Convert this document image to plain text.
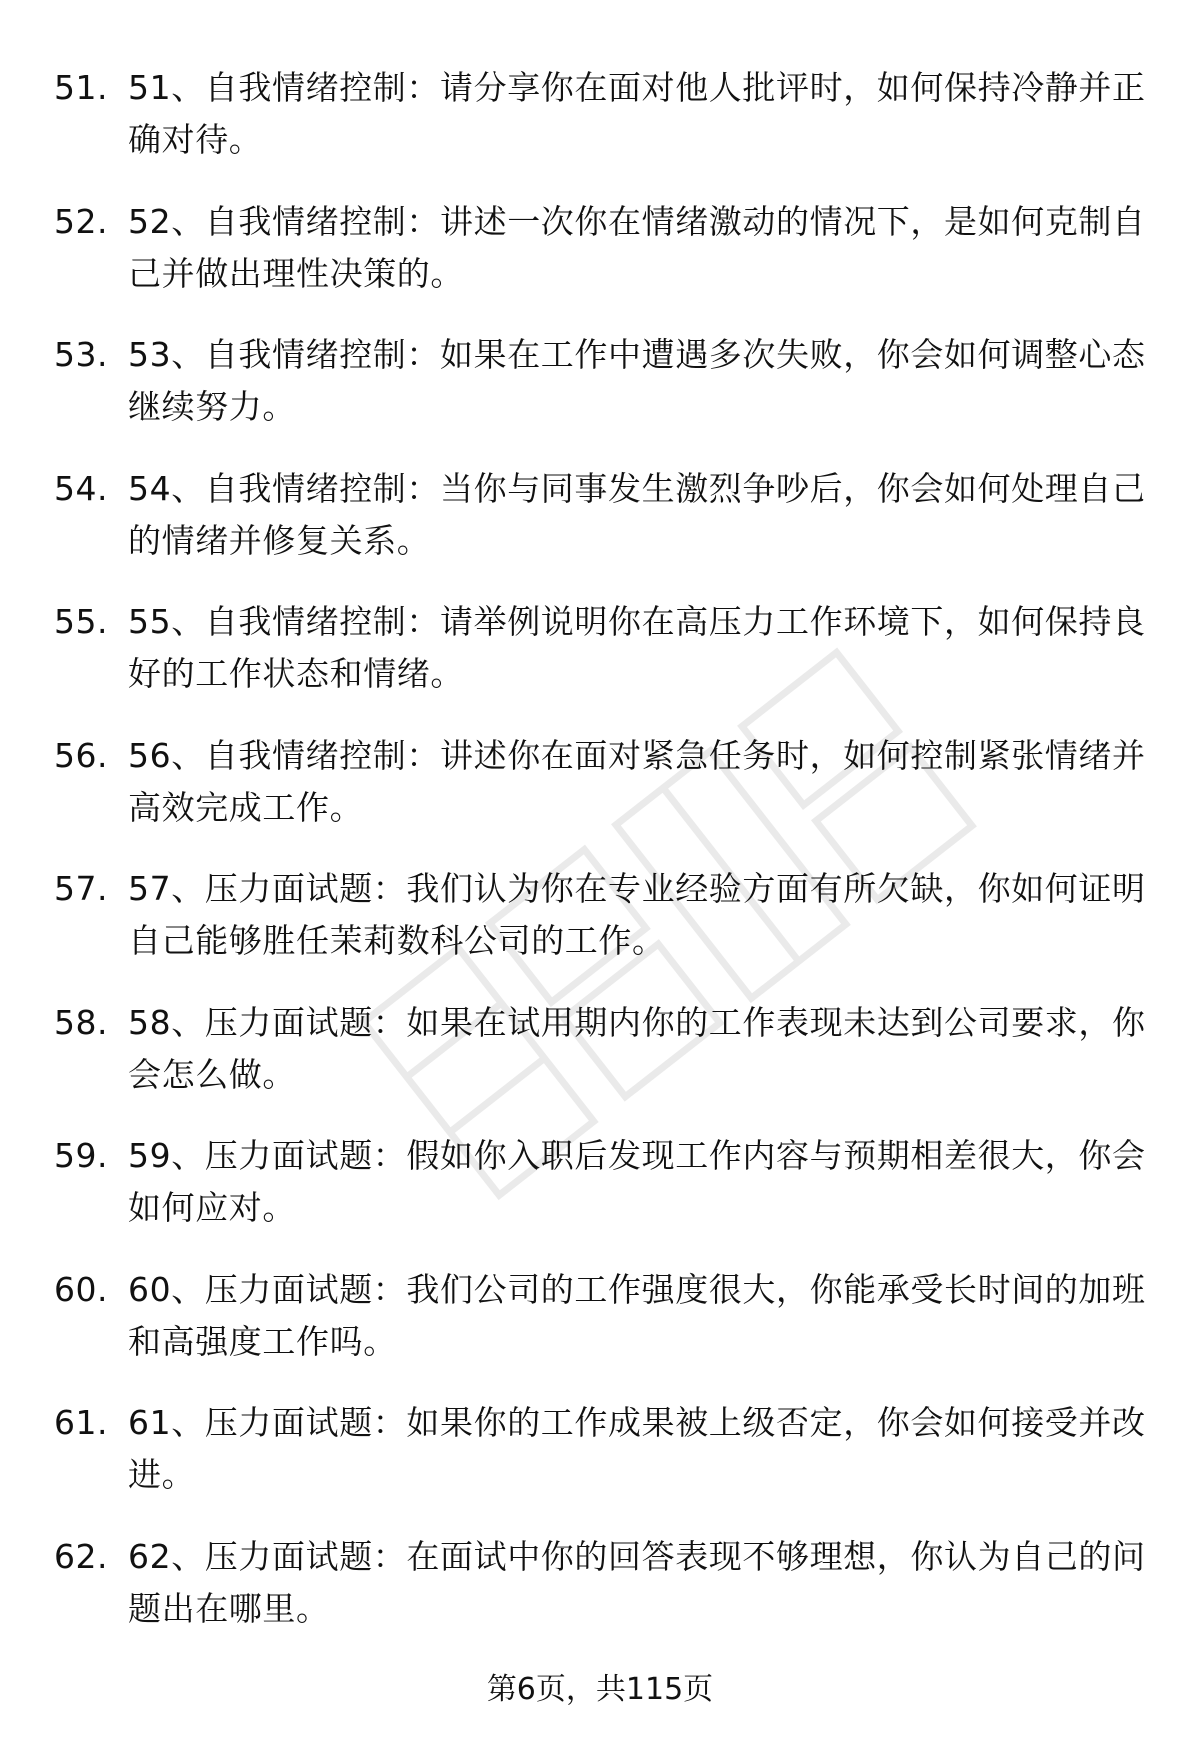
51. 51、自我情绪控制：请分享你在面对他人批评时，如何保持冷静并正确对待。
52. 52、自我情绪控制：讲述一次你在情绪激动的情况下，是如何克制自己并做出理性决策的。
53. 53、自我情绪控制：如果在工作中遭遇多次失败，你会如何调整心态继续努力。
54. 54、自我情绪控制：当你与同事发生激烈争吵后，你会如何处理自己的情绪并修复关系。
55. 55、自我情绪控制：请举例说明你在高压力工作环境下，如何保持良好的工作状态和情绪。
56. 56、自我情绪控制：讲述你在面对紧急任务时，如何控制紧张情绪并高效完成工作。
57. 57、压力面试题：我们认为你在专业经验方面有所欠缺，你如何证明自己能够胜任茉莉数科公司的工作。
58. 58、压力面试题：如果在试用期内你的工作表现未达到公司要求，你会怎么做。
59. 59、压力面试题：假如你入职后发现工作内容与预期相差很大，你会如何应对。
60. 60、压力面试题：我们公司的工作强度很大，你能承受长时间的加班和高强度工作吗。
61. 61、压力面试题：如果你的工作成果被上级否定，你会如何接受并改进。
62. 62、压力面试题：在面试中你的回答表现不够理想，你认为自己的问题出在哪里。
第6页，共115页
